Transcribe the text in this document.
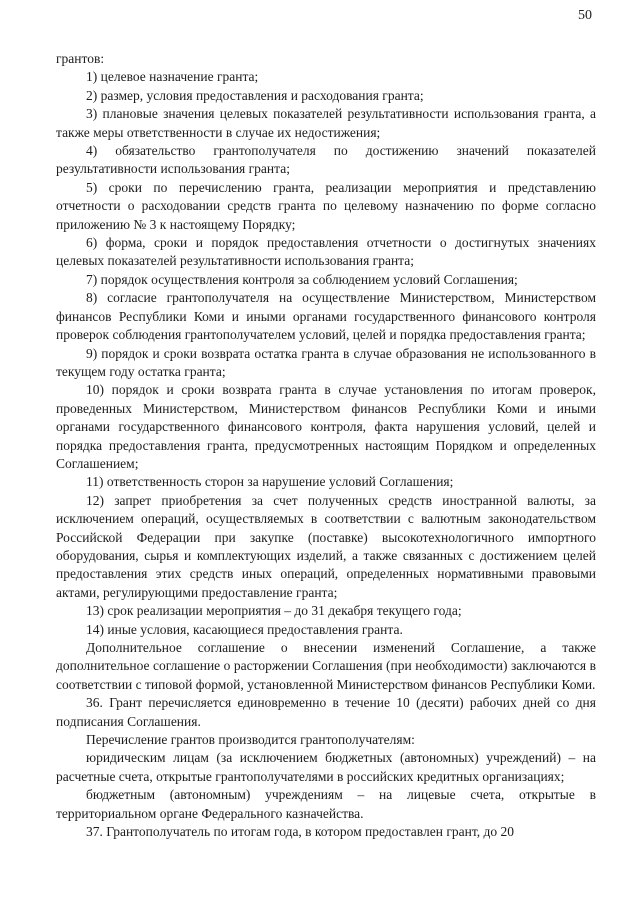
50

грантов:

1) целевое назначение гранта;

2) размер, условия предоставления и расходования гранта;

3) плановые значения целевых показателей результативности использования гранта, а также меры ответственности в случае их недостижения;

4) обязательство грантополучателя по достижению значений показателей результативности использования гранта;

5) сроки по перечислению гранта, реализации мероприятия и представлению отчетности о расходовании средств гранта по целевому назначению по форме согласно приложению № 3 к настоящему Порядку;

6) форма, сроки и порядок предоставления отчетности о достигнутых значениях целевых показателей результативности использования гранта;

7) порядок осуществления контроля за соблюдением условий Соглашения;

8) согласие грантополучателя на осуществление Министерством, Министерством финансов Республики Коми и иными органами государственного финансового контроля проверок соблюдения грантополучателем условий, целей и порядка предоставления гранта;

9) порядок и сроки возврата остатка гранта в случае образования не использованного в текущем году остатка гранта;

10) порядок и сроки возврата гранта в случае установления по итогам проверок, проведенных Министерством, Министерством финансов Республики Коми и иными органами государственного финансового контроля, факта нарушения условий, целей и порядка предоставления гранта, предусмотренных настоящим Порядком и определенных Соглашением;

11) ответственность сторон за нарушение условий Соглашения;

12) запрет приобретения за счет полученных средств иностранной валюты, за исключением операций, осуществляемых в соответствии с валютным законодательством Российской Федерации при закупке (поставке) высокотехнологичного импортного оборудования, сырья и комплектующих изделий, а также связанных с достижением целей предоставления этих средств иных операций, определенных нормативными правовыми актами, регулирующими предоставление гранта;

13) срок реализации мероприятия – до 31 декабря текущего года;

14) иные условия, касающиеся предоставления гранта.

Дополнительное соглашение о внесении изменений Соглашение, а также дополнительное соглашение о расторжении Соглашения (при необходимости) заключаются в соответствии с типовой формой, установленной Министерством финансов Республики Коми.

36. Грант перечисляется единовременно в течение 10 (десяти) рабочих дней со дня подписания Соглашения.

Перечисление грантов производится грантополучателям:

юридическим лицам (за исключением бюджетных (автономных) учреждений) – на расчетные счета, открытые грантополучателями в российских кредитных организациях;

бюджетным (автономным) учреждениям – на лицевые счета, открытые в территориальном органе Федерального казначейства.

37. Грантополучатель по итогам года, в котором предоставлен грант, до 20
